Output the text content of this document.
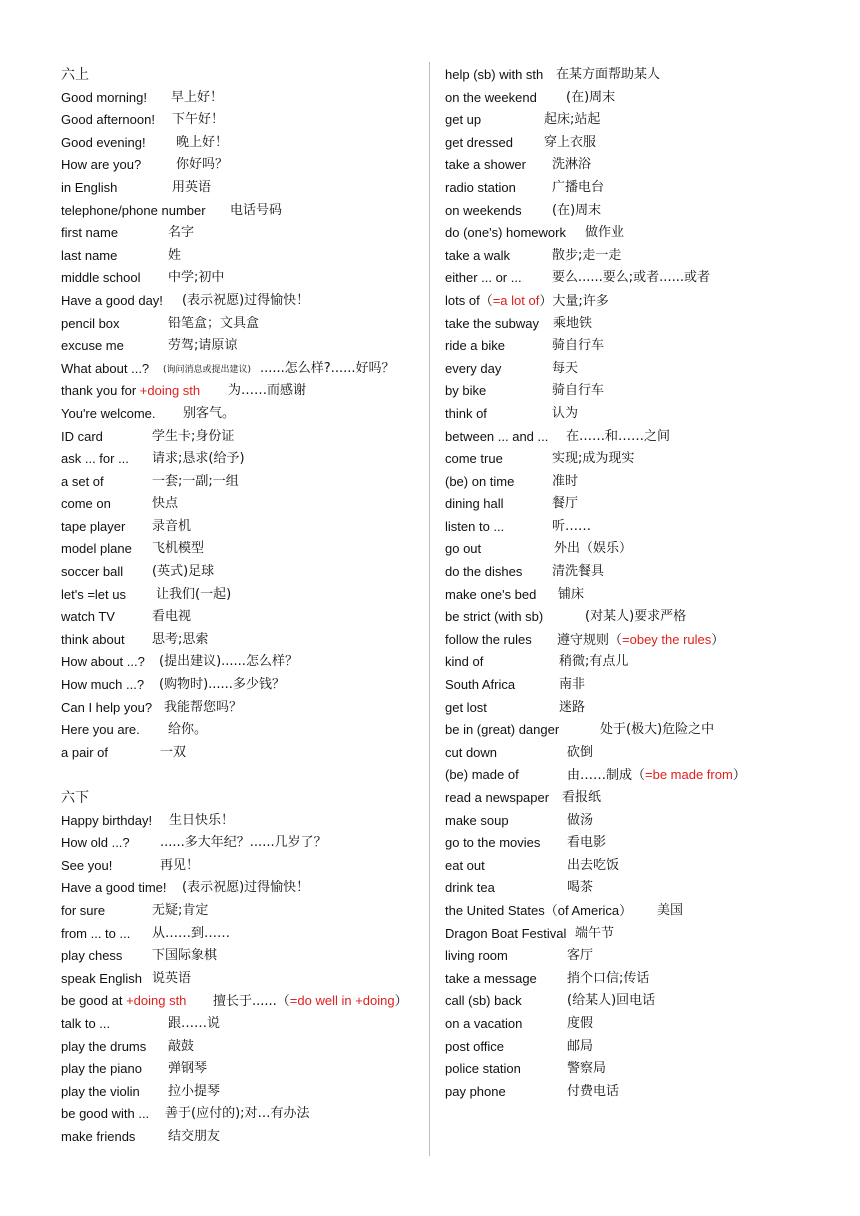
六上
Good morning! 早上好！
Good afternoon! 下午好！
Good evening! 晚上好！
How are you?	你好吗？
in English	用英语
telephone/phone number 电话号码
first name	名字
last name	姓
middle school 中学;初中
Have a good day! (表示祝愿)过得愉快！
pencil box	铅笔盒；文具盒
excuse me	劳驾;请原谅
What about ...? (询问消息或提出建议) ......怎么样?......好吗？
thank you for +doing sth 为……而感谢
You're welcome. 别客气。
ID card	学生卡;身份证
ask ... for ... 请求;恳求(给予)
a set of	一套;一副;一组
come on	快点
tape player 录音机
model plane 飞机模型
soccer ball (英式)足球
let's =let us 让我们(一起)
watch TV	看电视
think about 思考;思索
How about ...? (提出建议)......怎么样？
How much ...? (购物时)......多少钱？
Can I help you? 我能帮您吗？
Here you are. 给你。
a pair of	一双
六下
Happy birthday! 生日快乐！
How old ...? ......多大年纪？......几岁了？
See you!	再见！
Have a good time! (表示祝愿)过得愉快！
for sure	无疑;肯定
from ... to ... 从……到……
play chess 下国际象棋
speak English 说英语
be good at +doing sth 擅长于......（=do well in +doing）
talk to ...	跟……说
play the drums 敲鼓
play the piano 弹钢琴
play the violin 拉小提琴
be good with ... 善于(应付的);对…有办法
make friends	结交朋友
help (sb) with sth 在某方面帮助某人
on the weekend (在)周末
get up	起床;站起
get dressed 穿上衣服
take a shower 洗淋浴
radio station	广播电台
on weekends (在)周末
do (one's) homework 做作业
take a walk	散步;走一走
either ... or ... 要么......要么;或者......或者
lots of（=a lot of）大量;许多
take the subway 乘地铁
ride a bike	骑自行车
every day	每天
by bike	骑自行车
think of	认为
between ... and ... 在……和……之间
come true	实现;成为现实
(be) on time	准时
dining hall	餐厅
listen to ...	听……
go out	外出（娱乐）
do the dishes 清洗餐具
make one's bed 铺床
be strict (with sb)	(对某人)要求严格
follow the rules 遵守规则（=obey the rules）
kind of	稍微;有点儿
South Africa	南非
get lost	迷路
be in (great) danger	处于(极大)危险之中
cut down	砍倒
(be) made of	由……制成（=be made from）
read a newspaper 看报纸
make soup	做汤
go to the movies 看电影
eat out	出去吃饭
drink tea	喝茶
the United States（of America） 美国
Dragon Boat Festival 端午节
living room	客厅
take a message 捎个口信;传话
call (sb) back	(给某人)回电话
on a vacation	度假
post office	邮局
police station	警察局
pay phone	付费电话
